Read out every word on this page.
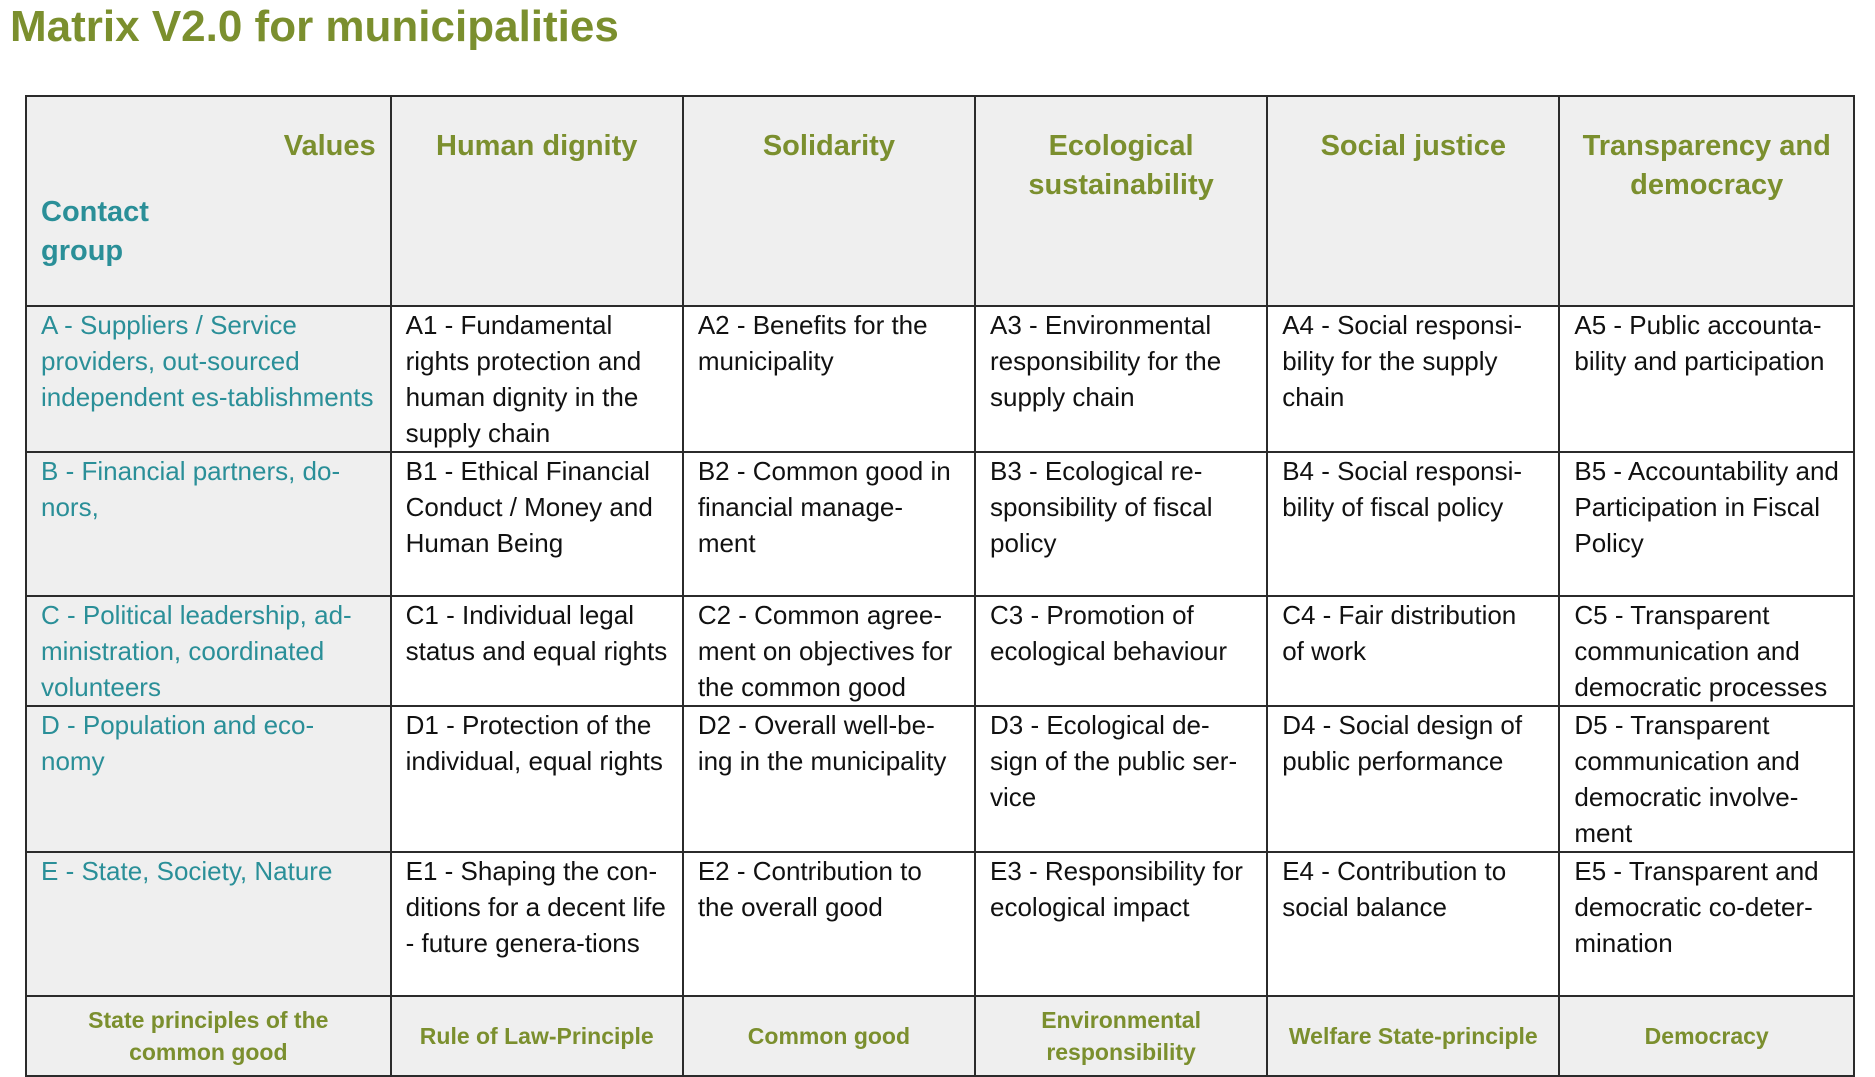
Matrix V2.0 for municipalities
Values
Contact group	Human dignity	Solidarity	Ecological sustainability	Social justice	Transparency and democracy
A - Suppliers / Service providers, out-sourced independent es-tablishments	A1 - Fundamental rights protection and human dignity in the supply chain	A2 - Benefits for the municipality	A3 - Environmental responsibility for the supply chain	A4 - Social responsi-bility for the supply chain	A5 - Public accounta-bility and participation
B - Financial partners, do-nors,	B1 - Ethical Financial Conduct / Money and Human Being	B2 - Common good in financial manage-ment	B3 - Ecological re-sponsibility of fiscal policy	B4 - Social responsi-bility of fiscal policy	B5 - Accountability and Participation in Fiscal Policy
C - Political leadership, ad-ministration, coordinated volunteers	C1 - Individual legal status and equal rights	C2 - Common agree-ment on objectives for the common good	C3 - Promotion of ecological behaviour	C4 - Fair distribution of work	C5 - Transparent communication and democratic processes
D - Population and eco-nomy	D1 - Protection of the individual, equal rights	D2 - Overall well-be-ing in the municipality	D3 - Ecological de-sign of the public ser-vice	D4 - Social design of public performance	D5 - Transparent communication and democratic involve-ment
E - State, Society, Nature	E1 - Shaping the con-ditions for a decent life - future genera-tions	E2 - Contribution to the overall good	E3 - Responsibility for ecological impact	E4 - Contribution to social balance	E5 - Transparent and democratic co-deter-mination
State principles of the common good	Rule of Law-Principle	Common good	Environmental responsibility	Welfare State-principle	Democracy
